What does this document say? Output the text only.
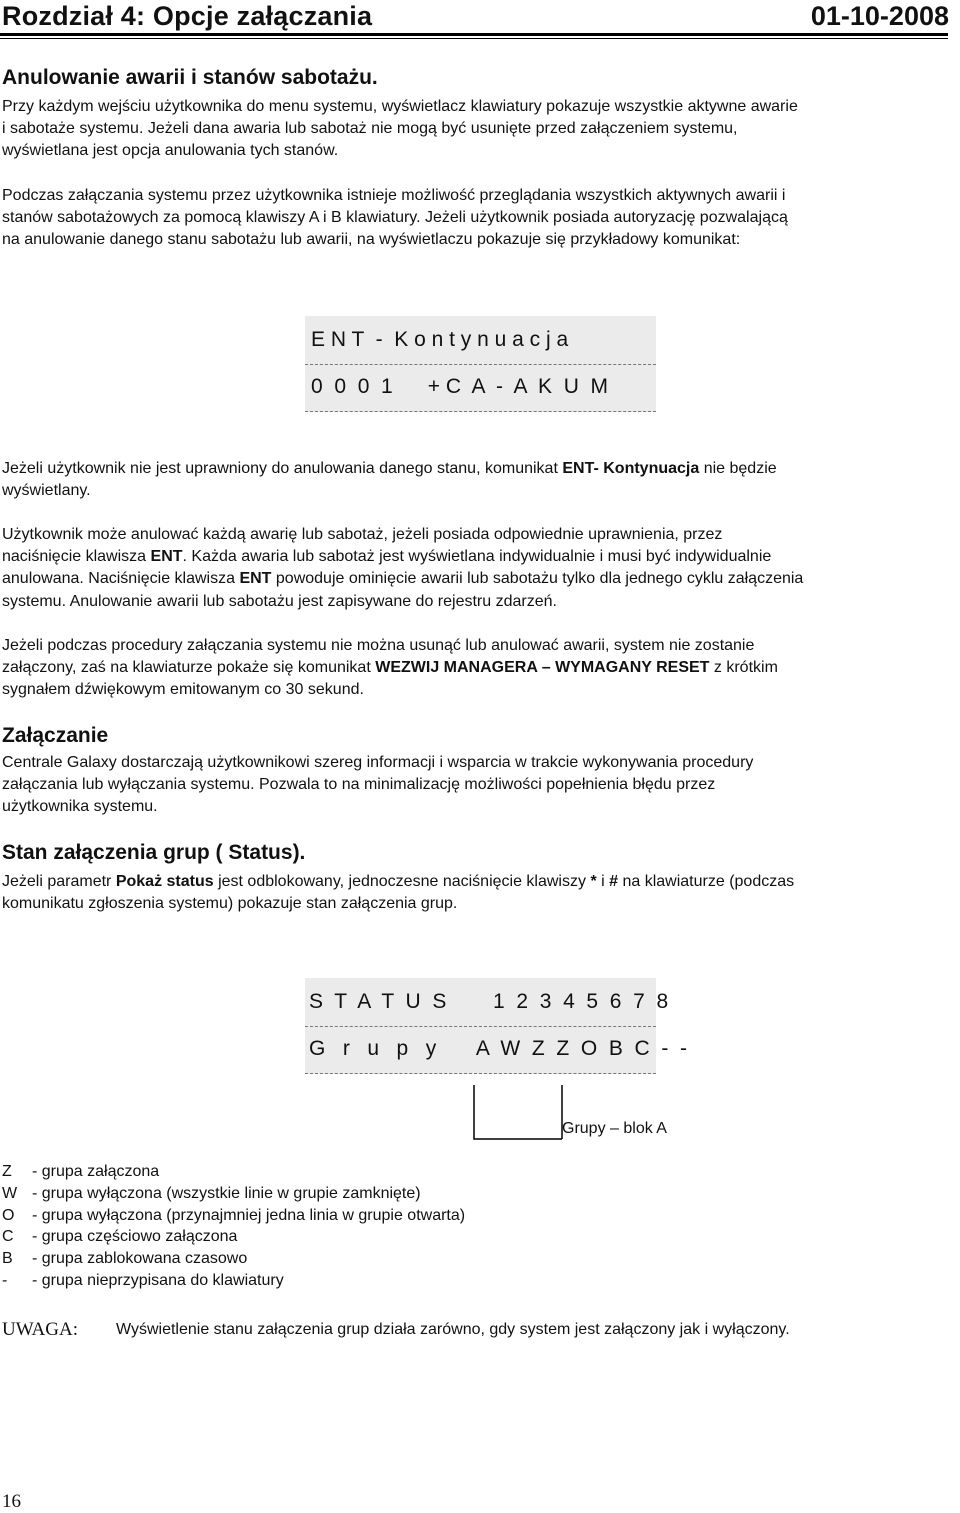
Rozdział 4: Opcje załączania	01-10-2008
Anulowanie awarii i stanów sabotażu.
Przy każdym wejściu użytkownika do menu systemu, wyświetlacz klawiatury pokazuje wszystkie aktywne awarie
i sabotaże systemu. Jeżeli dana awaria lub sabotaż nie mogą być usunięte przed załączeniem systemu,
wyświetlana jest opcja anulowania tych stanów.
Podczas załączania systemu przez użytkownika istnieje możliwość przeglądania wszystkich aktywnych awarii i
stanów sabotażowych za pomocą klawiszy A i B klawiatury. Jeżeli użytkownik posiada autoryzację pozwalającą
na anulowanie danego stanu sabotażu lub awarii, na wyświetlaczu pokazuje się przykładowy komunikat:
E N T  -  K o n t y n u a c j a
0  0  0  1      + C  A  -  A  K  U  M
Jeżeli użytkownik nie jest uprawniony do anulowania danego stanu, komunikat ENT- Kontynuacja nie będzie
wyświetlany.
Użytkownik może anulować każdą awarię lub sabotaż, jeżeli posiada odpowiednie uprawnienia, przez
naciśnięcie klawisza ENT. Każda awaria lub sabotaż jest wyświetlana indywidualnie i musi być indywidualnie
anulowana. Naciśnięcie klawisza ENT powoduje ominięcie awarii lub sabotażu tylko dla jednego cyklu załączenia
systemu. Anulowanie awarii lub sabotażu jest zapisywane do rejestru zdarzeń.
Jeżeli podczas procedury załączania systemu nie można usunąć lub anulować awarii, system nie zostanie
załączony, zaś na klawiaturze pokaże się komunikat WEZWIJ MANAGERA – WYMAGANY RESET z krótkim
sygnałem dźwiękowym emitowanym co 30 sekund.
Załączanie
Centrale Galaxy dostarczają użytkownikowi szereg informacji i wsparcia w trakcie wykonywania procedury
załączania lub wyłączania systemu. Pozwala to na minimalizację możliwości popełnienia błędu przez
użytkownika systemu.
Stan załączenia grup ( Status).
Jeżeli parametr Pokaż status jest odblokowany, jednoczesne naciśnięcie klawiszy * i # na klawiaturze (podczas
komunikatu zgłoszenia systemu) pokazuje stan załączenia grup.
S  T  A  T  U  S        1  2  3  4  5  6  7  8
G   r   u   p   y       A  W  Z  Z  O  B  C  -  -
Grupy – blok A
Z - grupa załączona
W - grupa wyłączona (wszystkie linie w grupie zamknięte)
O - grupa wyłączona (przynajmniej jedna linia w grupie otwarta)
C - grupa częściowo załączona
B - grupa zablokowana czasowo
- - grupa nieprzypisana do klawiatury
UWAGA: Wyświetlenie stanu załączenia grup działa zarówno, gdy system jest załączony jak i wyłączony.
16
